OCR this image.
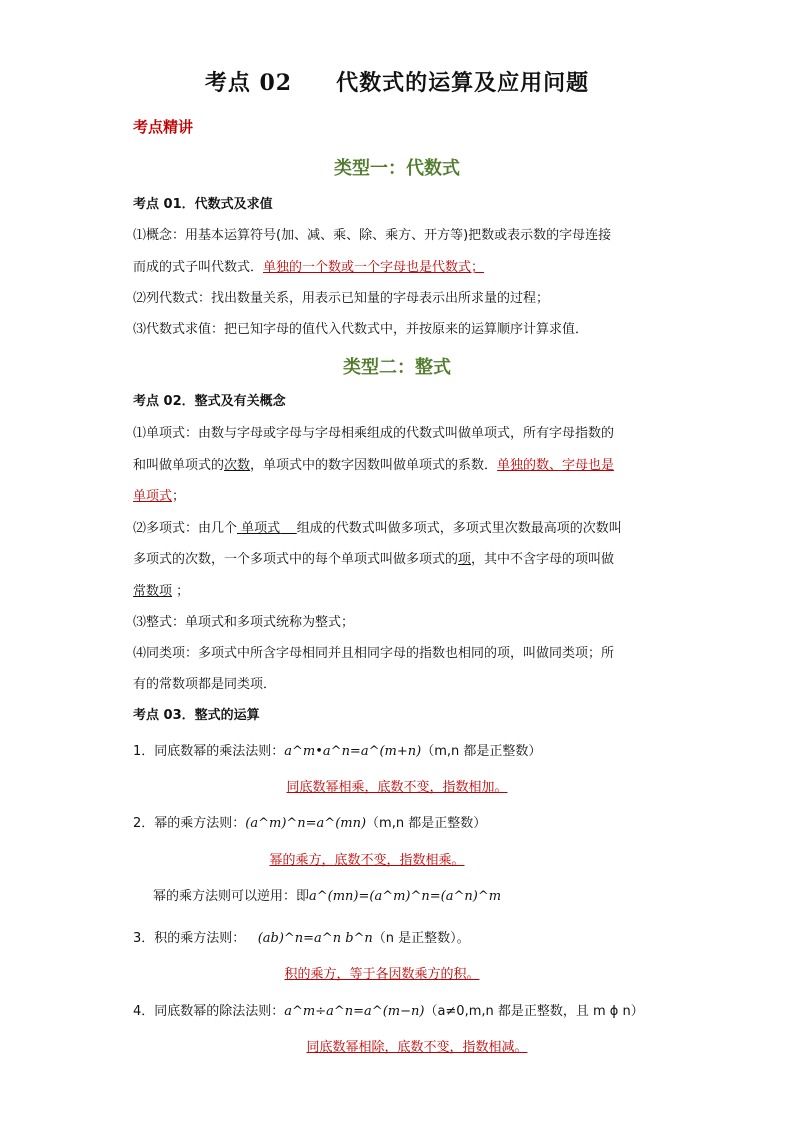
考点 02 代数式的运算及应用问题
考点精讲
类型一：代数式
考点 01．代数式及求值
⑴概念：用基本运算符号(加、减、乘、除、乘方、开方等)把数或表示数的字母连接
而成的式子叫代数式．单独的一个数或一个字母也是代数式；
⑵列代数式：找出数量关系，用表示已知量的字母表示出所求量的过程；
⑶代数式求值：把已知字母的值代入代数式中，并按原来的运算顺序计算求值．
类型二：整式
考点 02．整式及有关概念
⑴单项式：由数与字母或字母与字母相乘组成的代数式叫做单项式，所有字母指数的
和叫做单项式的次数，单项式中的数字因数叫做单项式的系数．单独的数、字母也是
单项式；
⑵多项式：由几个 单项式 组成的代数式叫做多项式，多项式里次数最高项的次数叫
多项式的次数，一个多项式中的每个单项式叫做多项式的项，其中不含字母的项叫做
常数项 ；
⑶整式：单项式和多项式统称为整式；
⑷同类项：多项式中所含字母相同并且相同字母的指数也相同的项，叫做同类项；所
有的常数项都是同类项．
考点 03．整式的运算
1．同底数幂的乘法法则：a^m•a^n=a^(m+n)（m,n 都是正整数）
同底数幂相乘，底数不变，指数相加。
2．幂的乘方法则：(a^m)^n=a^(mn)（m,n 都是正整数）
幂的乘方，底数不变，指数相乘。
幂的乘方法则可以逆用：即a^(mn)=(a^m)^n=(a^n)^m
3．积的乘方法则： (ab)^n=a^n b^n（n 是正整数）。
积的乘方，等于各因数乘方的积。
4．同底数幂的除法法则：a^m÷a^n=a^(m−n)（a≠0,m,n 都是正整数，且 m ϕ n）
同底数幂相除，底数不变，指数相减。
